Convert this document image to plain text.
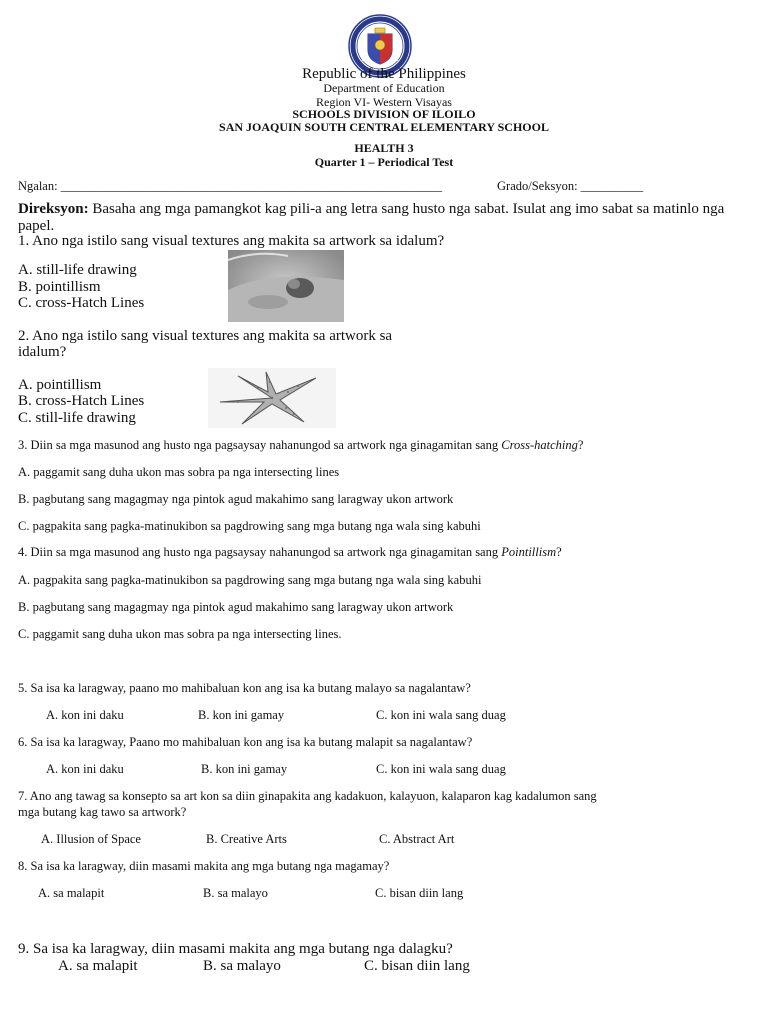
Republic of the Philippines
Department of Education
Region VI- Western Visayas
SCHOOLS DIVISION OF ILOILO
SAN JOAQUIN SOUTH CENTRAL ELEMENTARY SCHOOL
HEALTH 3
Quarter 1 – Periodical Test
Ngalan: _____________________________________________________________	Grado/Seksyon: __________
Direksyon: Basaha ang mga pamangkot kag pili-a ang letra sang husto nga sabat. Isulat ang imo sabat sa matinlo nga papel.
1. Ano nga istilo sang visual textures ang makita sa artwork sa idalum?
A. still-life drawing
B. pointillism
C. cross-Hatch Lines
2. Ano nga istilo sang visual textures ang makita sa artwork sa
idalum?
A. pointillism
B. cross-Hatch Lines
C. still-life drawing
3. Diin sa mga masunod ang husto nga pagsaysay nahanungod sa artwork nga ginagamitan sang Cross-hatching?
A. paggamit sang duha ukon mas sobra pa nga intersecting lines
B. pagbutang sang magagmay nga pintok agud makahimo sang laragway ukon artwork
C. pagpakita sang pagka-matinukibon sa pagdrowing sang mga butang nga wala sing kabuhi
4. Diin sa mga masunod ang husto nga pagsaysay nahanungod sa artwork nga ginagamitan sang Pointillism?
A. pagpakita sang pagka-matinukibon sa pagdrowing sang mga butang nga wala sing kabuhi
B. pagbutang sang magagmay nga pintok agud makahimo sang laragway ukon artwork
C. paggamit sang duha ukon mas sobra pa nga intersecting lines.
5. Sa isa ka laragway, paano mo mahibaluan kon ang isa ka butang malayo sa nagalantaw?
A. kon ini daku	B. kon ini gamay	C. kon ini wala sang duag
6. Sa isa ka laragway, Paano mo mahibaluan kon ang isa ka butang malapit sa nagalantaw?
A. kon ini daku	B. kon ini gamay	C. kon ini wala sang duag
7. Ano ang tawag sa konsepto sa art kon sa diin ginapakita ang kadakuon, kalayuon, kalaparon kag kadalumon sang
mga butang kag tawo sa artwork?
A. Illusion of Space	B. Creative Arts	C. Abstract Art
8. Sa isa ka laragway, diin masami makita ang mga butang nga magamay?
A. sa malapit	B. sa malayo	C. bisan diin lang
9. Sa isa ka laragway, diin masami makita ang mga butang nga dalagku?
A. sa malapit	B. sa malayo	C. bisan diin lang
